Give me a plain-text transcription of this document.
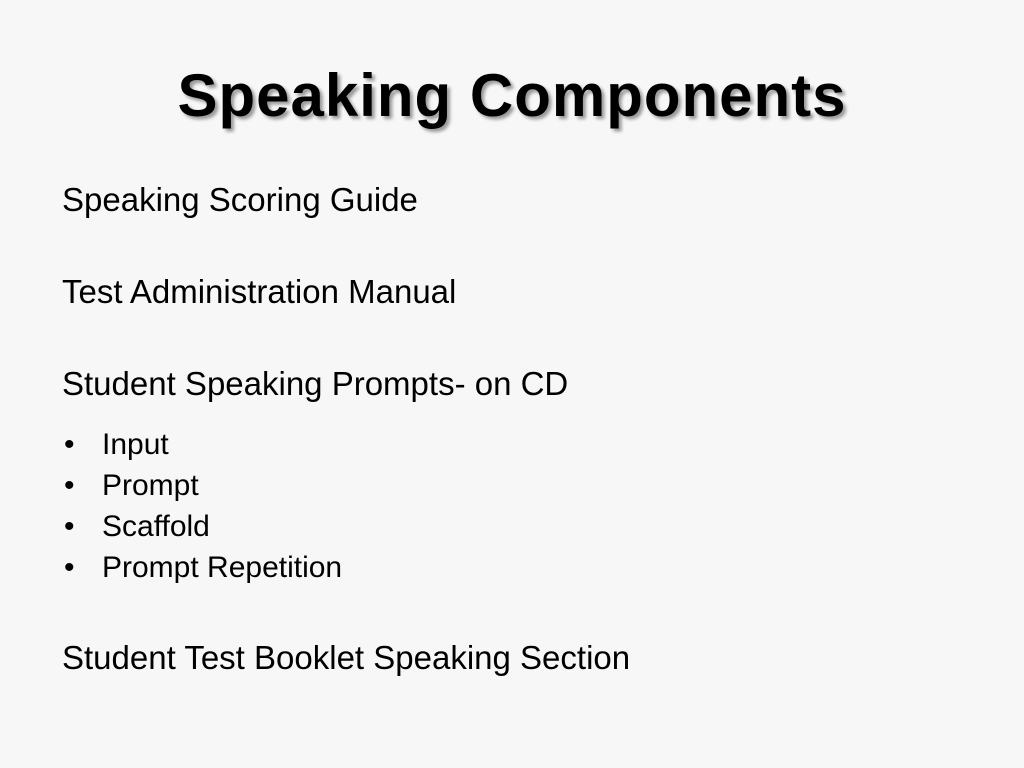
Speaking Components

Speaking Scoring Guide

Test Administration Manual

Student Speaking Prompts- on CD

• Input
• Prompt
• Scaffold
• Prompt Repetition

Student Test Booklet Speaking Section
